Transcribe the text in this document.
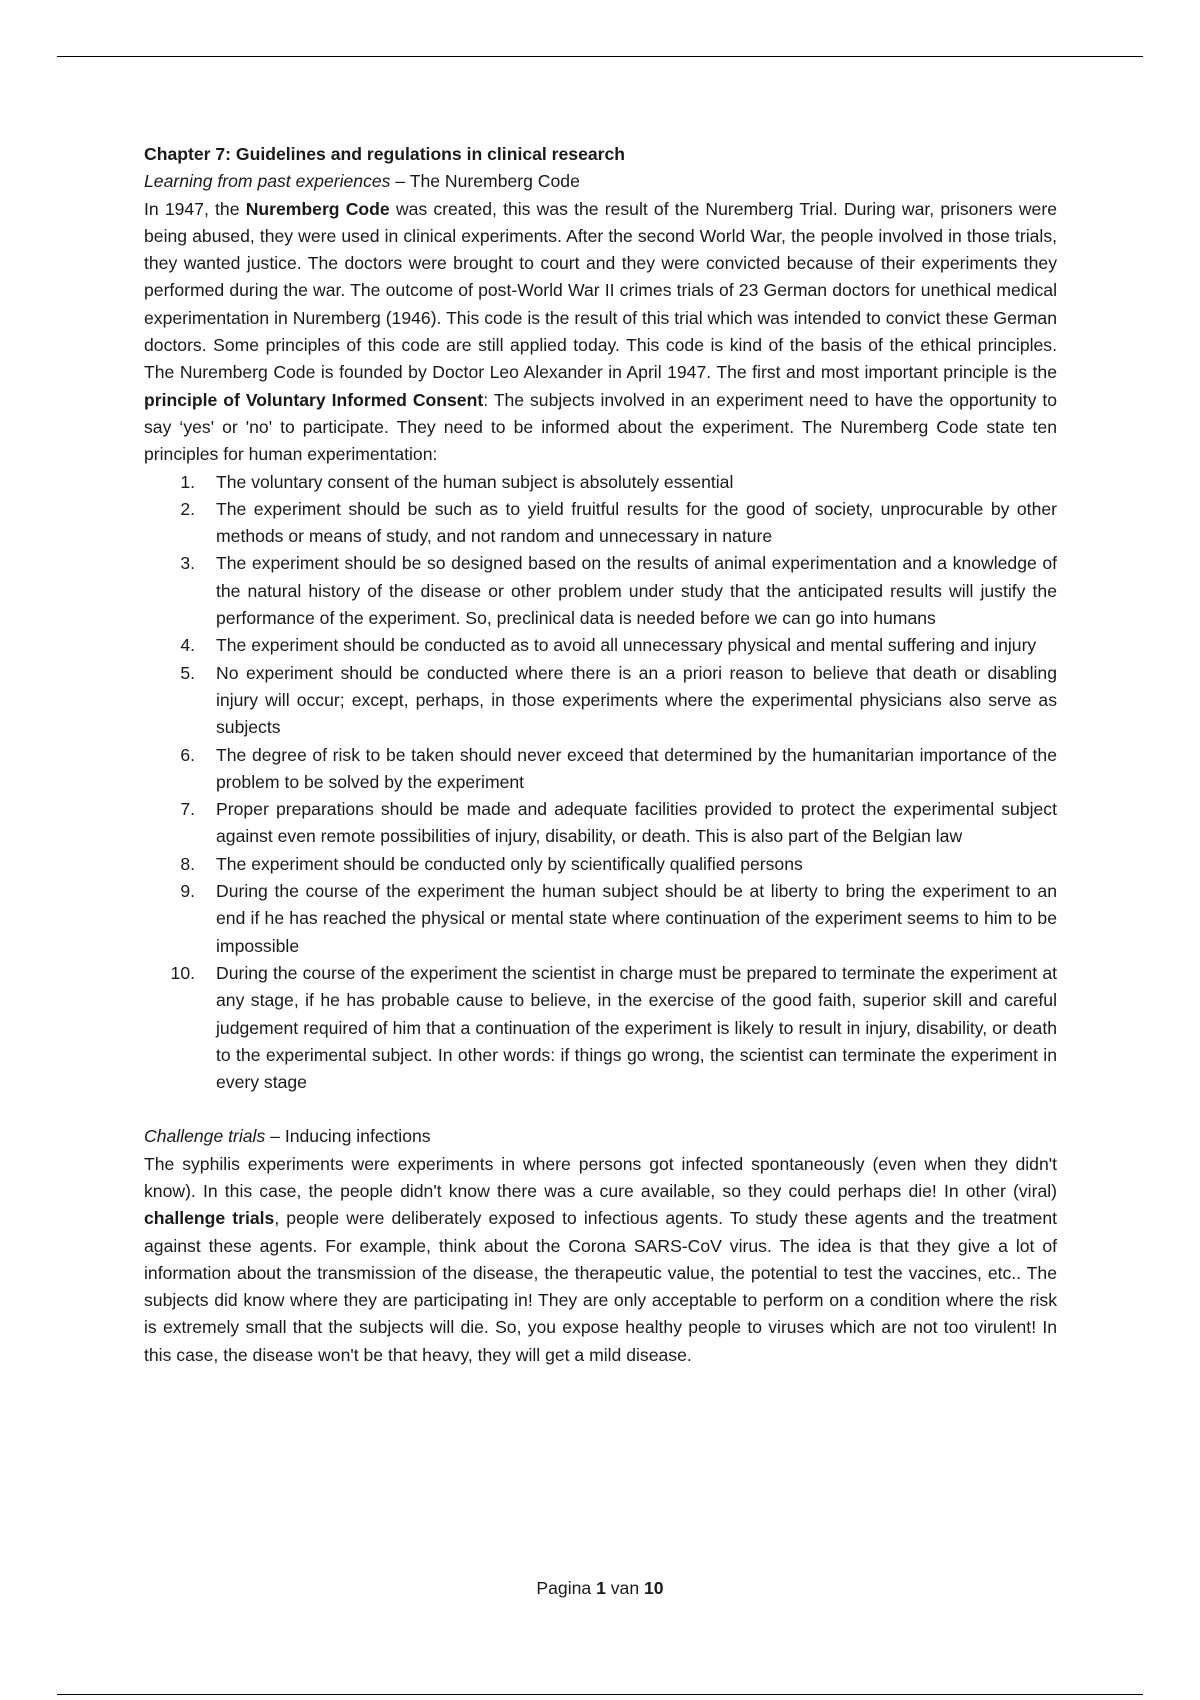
Chapter 7: Guidelines and regulations in clinical research

Learning from past experiences – The Nuremberg Code

In 1947, the Nuremberg Code was created, this was the result of the Nuremberg Trial. During war, prisoners were being abused, they were used in clinical experiments. After the second World War, the people involved in those trials, they wanted justice. The doctors were brought to court and they were convicted because of their experiments they performed during the war. The outcome of post-World War II crimes trials of 23 German doctors for unethical medical experimentation in Nuremberg (1946). This code is the result of this trial which was intended to convict these German doctors. Some principles of this code are still applied today. This code is kind of the basis of the ethical principles. The Nuremberg Code is founded by Doctor Leo Alexander in April 1947. The first and most important principle is the principle of Voluntary Informed Consent: The subjects involved in an experiment need to have the opportunity to say ‘yes' or 'no' to participate. They need to be informed about the experiment. The Nuremberg Code state ten principles for human experimentation:

1. The voluntary consent of the human subject is absolutely essential
2. The experiment should be such as to yield fruitful results for the good of society, unprocurable by other methods or means of study, and not random and unnecessary in nature
3. The experiment should be so designed based on the results of animal experimentation and a knowledge of the natural history of the disease or other problem under study that the anticipated results will justify the performance of the experiment. So, preclinical data is needed before we can go into humans
4. The experiment should be conducted as to avoid all unnecessary physical and mental suffering and injury
5. No experiment should be conducted where there is an a priori reason to believe that death or disabling injury will occur; except, perhaps, in those experiments where the experimental physicians also serve as subjects
6. The degree of risk to be taken should never exceed that determined by the humanitarian importance of the problem to be solved by the experiment
7. Proper preparations should be made and adequate facilities provided to protect the experimental subject against even remote possibilities of injury, disability, or death. This is also part of the Belgian law
8. The experiment should be conducted only by scientifically qualified persons
9. During the course of the experiment the human subject should be at liberty to bring the experiment to an end if he has reached the physical or mental state where continuation of the experiment seems to him to be impossible
10. During the course of the experiment the scientist in charge must be prepared to terminate the experiment at any stage, if he has probable cause to believe, in the exercise of the good faith, superior skill and careful judgement required of him that a continuation of the experiment is likely to result in injury, disability, or death to the experimental subject. In other words: if things go wrong, the scientist can terminate the experiment in every stage

Challenge trials – Inducing infections

The syphilis experiments were experiments in where persons got infected spontaneously (even when they didn't know). In this case, the people didn't know there was a cure available, so they could perhaps die! In other (viral) challenge trials, people were deliberately exposed to infectious agents. To study these agents and the treatment against these agents. For example, think about the Corona SARS-CoV virus. The idea is that they give a lot of information about the transmission of the disease, the therapeutic value, the potential to test the vaccines, etc.. The subjects did know where they are participating in! They are only acceptable to perform on a condition where the risk is extremely small that the subjects will die. So, you expose healthy people to viruses which are not too virulent! In this case, the disease won't be that heavy, they will get a mild disease.

Pagina 1 van 10
